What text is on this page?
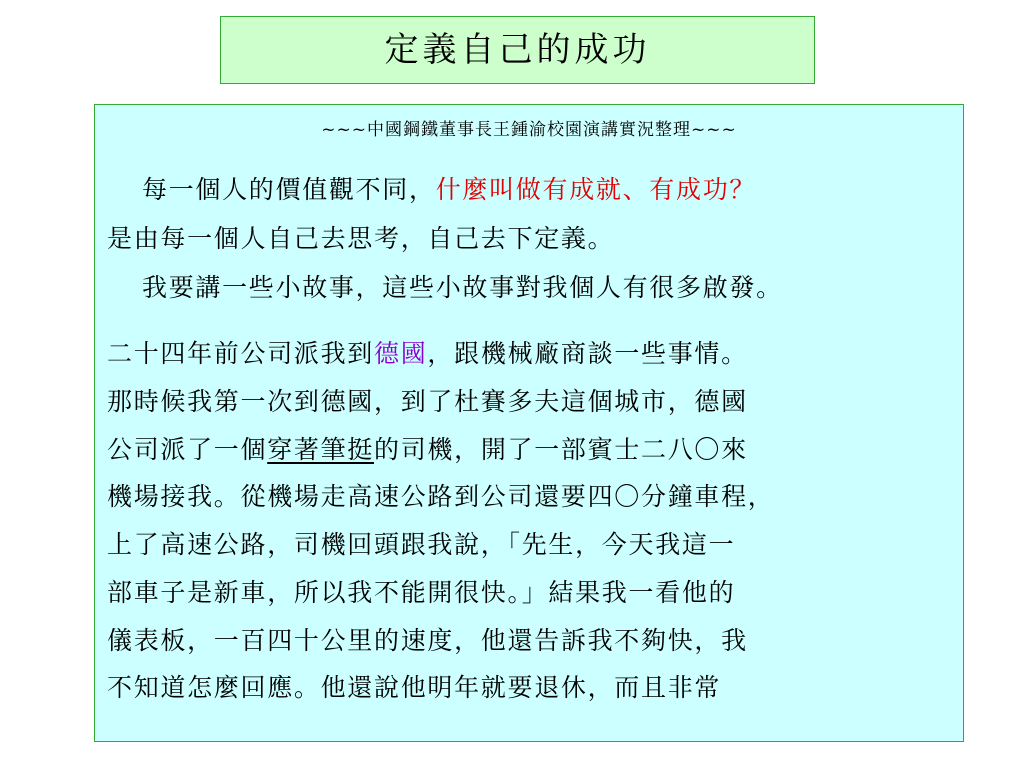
定義自己的成功
~~~中國鋼鐵董事長王鍾渝校園演講實況整理~~~
每一個人的價值觀不同，什麼叫做有成就、有成功？
是由每一個人自己去思考，自己去下定義。
我要講一些小故事，這些小故事對我個人有很多啟發。
二十四年前公司派我到德國，跟機械廠商談一些事情。
那時候我第一次到德國，到了杜賽多夫這個城市，德國
公司派了一個穿著筆挺的司機，開了一部賓士二八〇來
機場接我。從機場走高速公路到公司還要四〇分鐘車程，
上了高速公路，司機回頭跟我說，「先生，今天我這一
部車子是新車，所以我不能開很快。」結果我一看他的
儀表板，一百四十公里的速度，他還告訴我不夠快，我
不知道怎麼回應。他還說他明年就要退休，而且非常
